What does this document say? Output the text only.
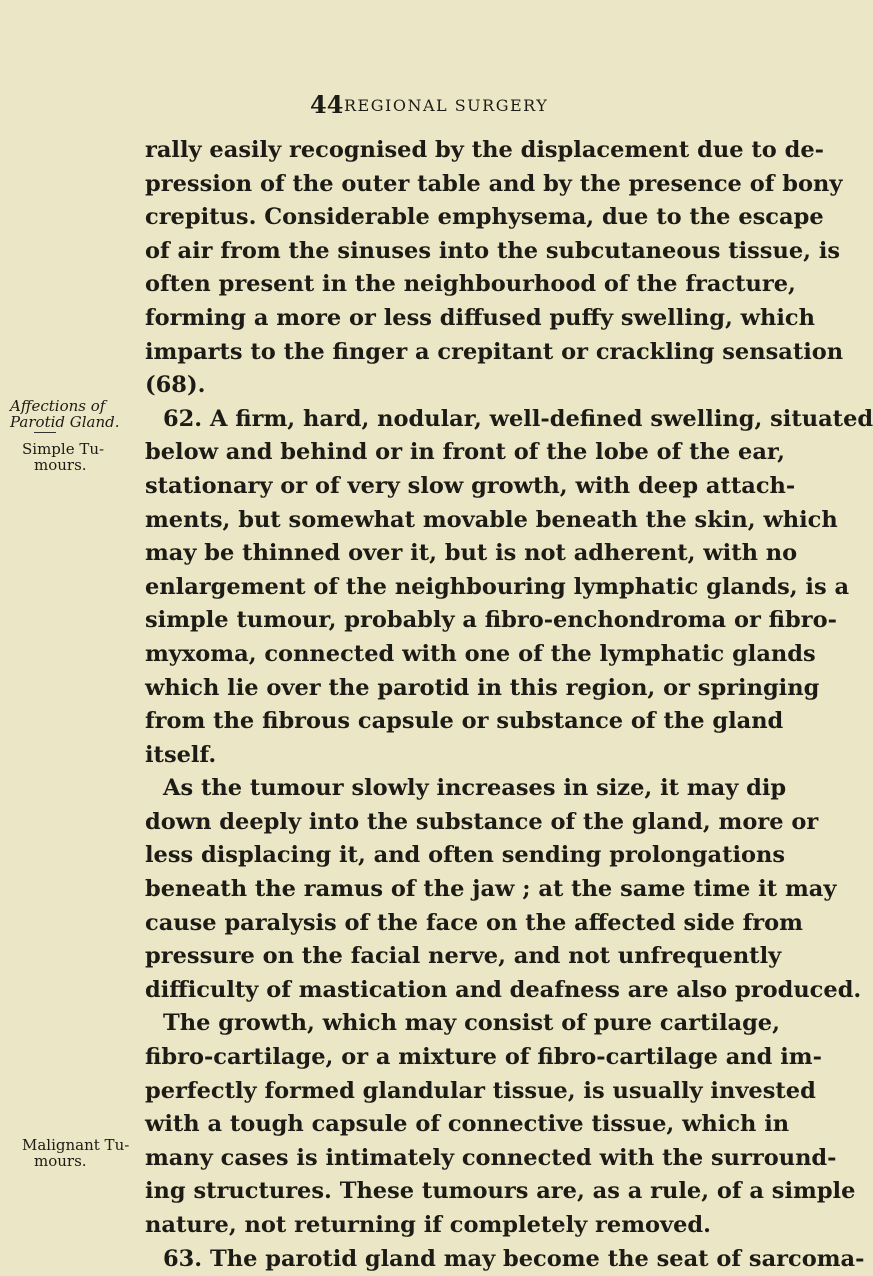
44 REGIONAL SURGERY
Affections of
Parotid Gland.
Simple Tu-
mours.
Malignant Tu-
mours.
rally easily recognised by the displacement due to de-
pression of the outer table and by the presence of bony
crepitus. Considerable emphysema, due to the escape
of air from the sinuses into the subcutaneous tissue, is
often present in the neighbourhood of the fracture,
forming a more or less diffused puffy swelling, which
imparts to the finger a crepitant or crackling sensation
(68).
62. A firm, hard, nodular, well-defined swelling, situated
below and behind or in front of the lobe of the ear,
stationary or of very slow growth, with deep attach-
ments, but somewhat movable beneath the skin, which
may be thinned over it, but is not adherent, with no
enlargement of the neighbouring lymphatic glands, is a
simple tumour, probably a fibro-enchondroma or fibro-
myxoma, connected with one of the lymphatic glands
which lie over the parotid in this region, or springing
from the fibrous capsule or substance of the gland
itself.
As the tumour slowly increases in size, it may dip
down deeply into the substance of the gland, more or
less displacing it, and often sending prolongations
beneath the ramus of the jaw ; at the same time it may
cause paralysis of the face on the affected side from
pressure on the facial nerve, and not unfrequently
difficulty of mastication and deafness are also produced.
The growth, which may consist of pure cartilage,
fibro-cartilage, or a mixture of fibro-cartilage and im-
perfectly formed glandular tissue, is usually invested
with a tough capsule of connective tissue, which in
many cases is intimately connected with the surround-
ing structures. These tumours are, as a rule, of a simple
nature, not returning if completely removed.
63. The parotid gland may become the seat of sarcoma-
